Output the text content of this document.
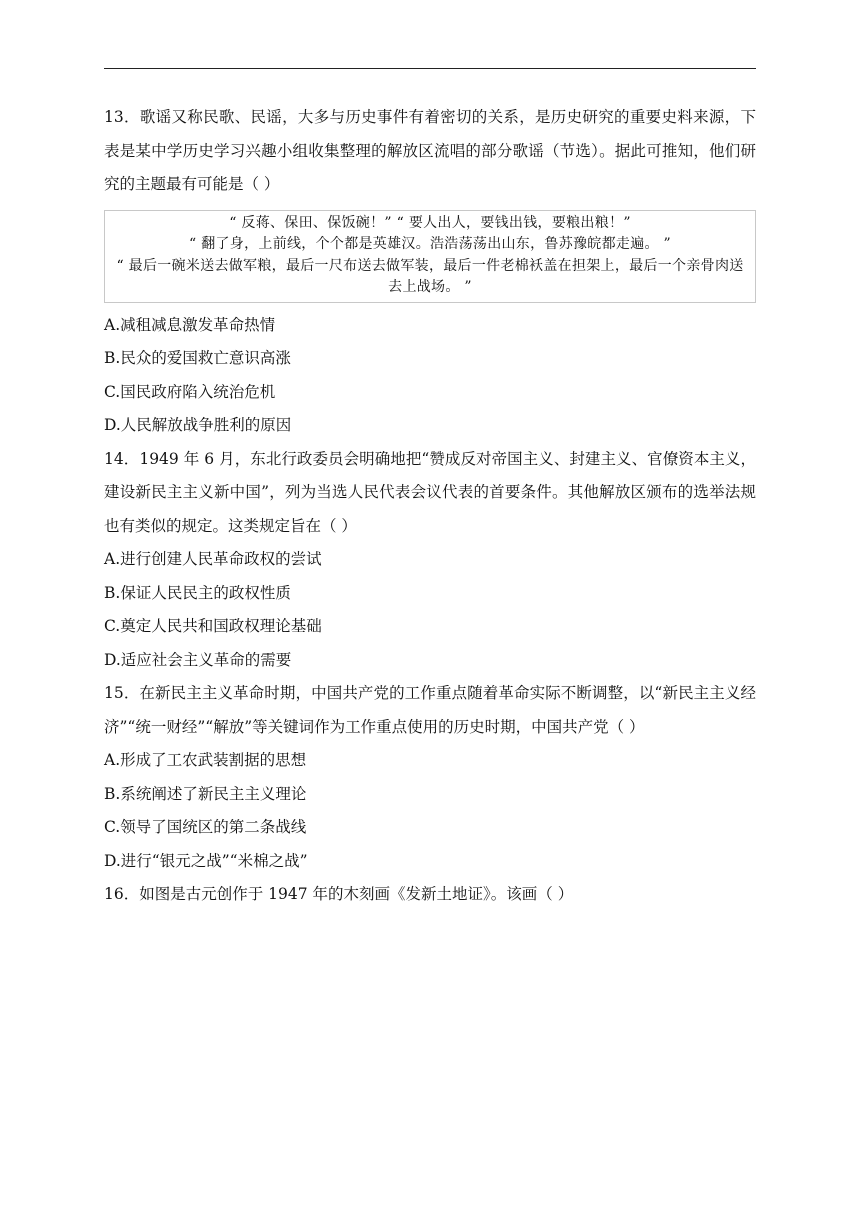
13．歌谣又称民歌、民谣，大多与历史事件有着密切的关系，是历史研究的重要史料来源，下表是某中学历史学习兴趣小组收集整理的解放区流唱的部分歌谣（节选）。据此可推知，他们研究的主题最有可能是（ ）

“ 反蒋、保田、保饭碗！” “ 要人出人，要钱出钱，要粮出粮！”
“ 翻了身，上前线，个个都是英雄汉。浩浩荡荡出山东，鲁苏豫皖都走遍。 ”
“ 最后一碗米送去做军粮，最后一尺布送去做军装，最后一件老棉袄盖在担架上，最后一个亲骨肉送去上战场。 ”
A.减租减息激发革命热情
B.民众的爱国救亡意识高涨
C.国民政府陷入统治危机
D.人民解放战争胜利的原因

14．1949 年 6 月，东北行政委员会明确地把“赞成反对帝国主义、封建主义、官僚资本主义，建设新民主主义新中国”，列为当选人民代表会议代表的首要条件。其他解放区颁布的选举法规也有类似的规定。这类规定旨在（ ）

A.进行创建人民革命政权的尝试
B.保证人民民主的政权性质
C.奠定人民共和国政权理论基础
D.适应社会主义革命的需要

15．在新民主主义革命时期，中国共产党的工作重点随着革命实际不断调整，以“新民主主义经济”“统一财经”“解放”等关键词作为工作重点使用的历史时期，中国共产党（ ）

A.形成了工农武装割据的思想
B.系统阐述了新民主主义理论
C.领导了国统区的第二条战线
D.进行“银元之战”“米棉之战”

16．如图是古元创作于 1947 年的木刻画《发新土地证》。该画（ ）
